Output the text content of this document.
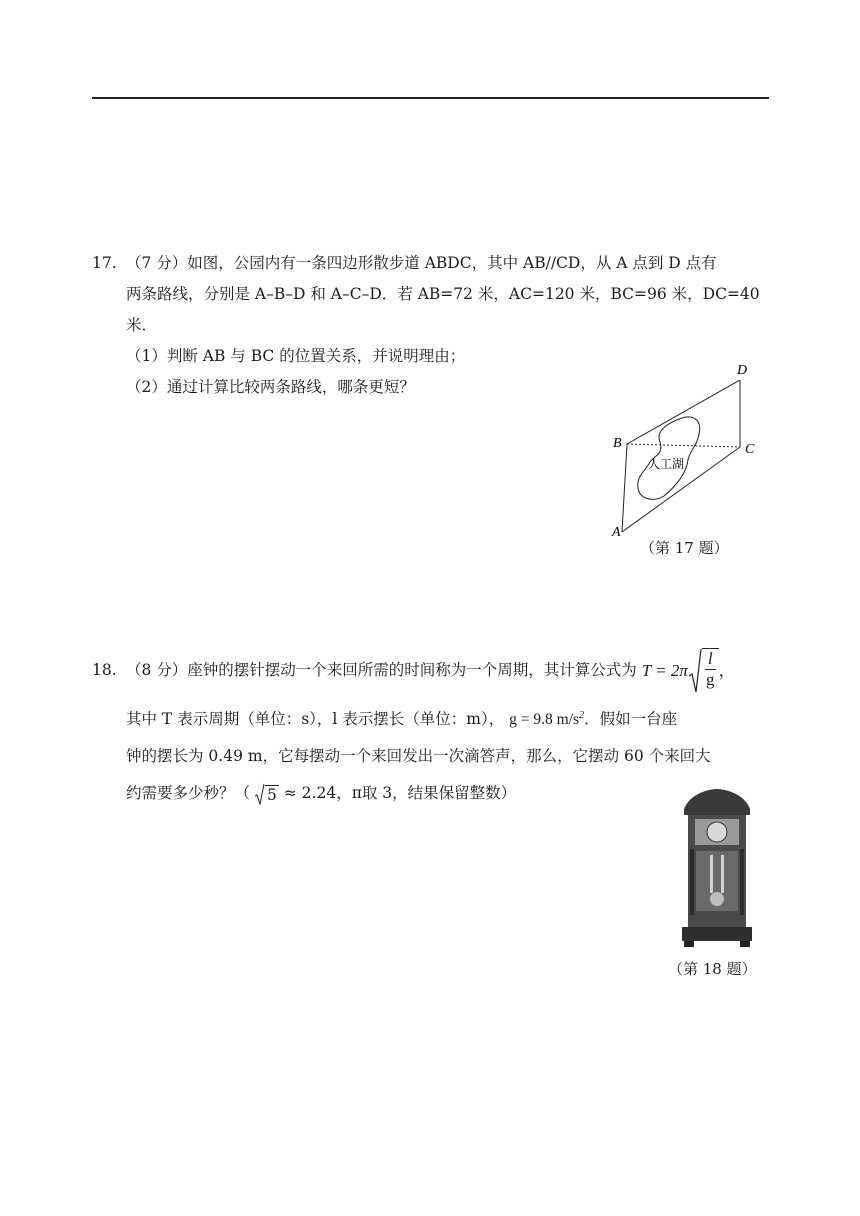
17. （7 分）如图，公园内有一条四边形散步道 ABDC，其中 AB//CD，从 A 点到 D 点有

两条路线，分别是 A–B–D 和 A–C–D．若 AB=72 米，AC=120 米，BC=96 米，DC=40

米．

（1）判断 AB 与 BC 的位置关系，并说明理由；

（2）通过计算比较两条路线，哪条更短？

A
B	C
D
人工湖
（第 17 题）

18. （8 分）座钟的摆针摆动一个来回所需的时间称为一个周期，其计算公式为 $T = 2\pi \frac{l}{g}$ ，

其中 T 表示周期（单位：s），l 表示摆长（单位：m）， g = 9.8 $m/s^2$．假如一台座

钟的摆长为 0.49 m，它每摆动一个来回发出一次滴答声，那么，它摆动 60 个来回大

约需要多少秒？（ 5 ≈ 2.24，π取 3，结果保留整数）

（第 18 题）
